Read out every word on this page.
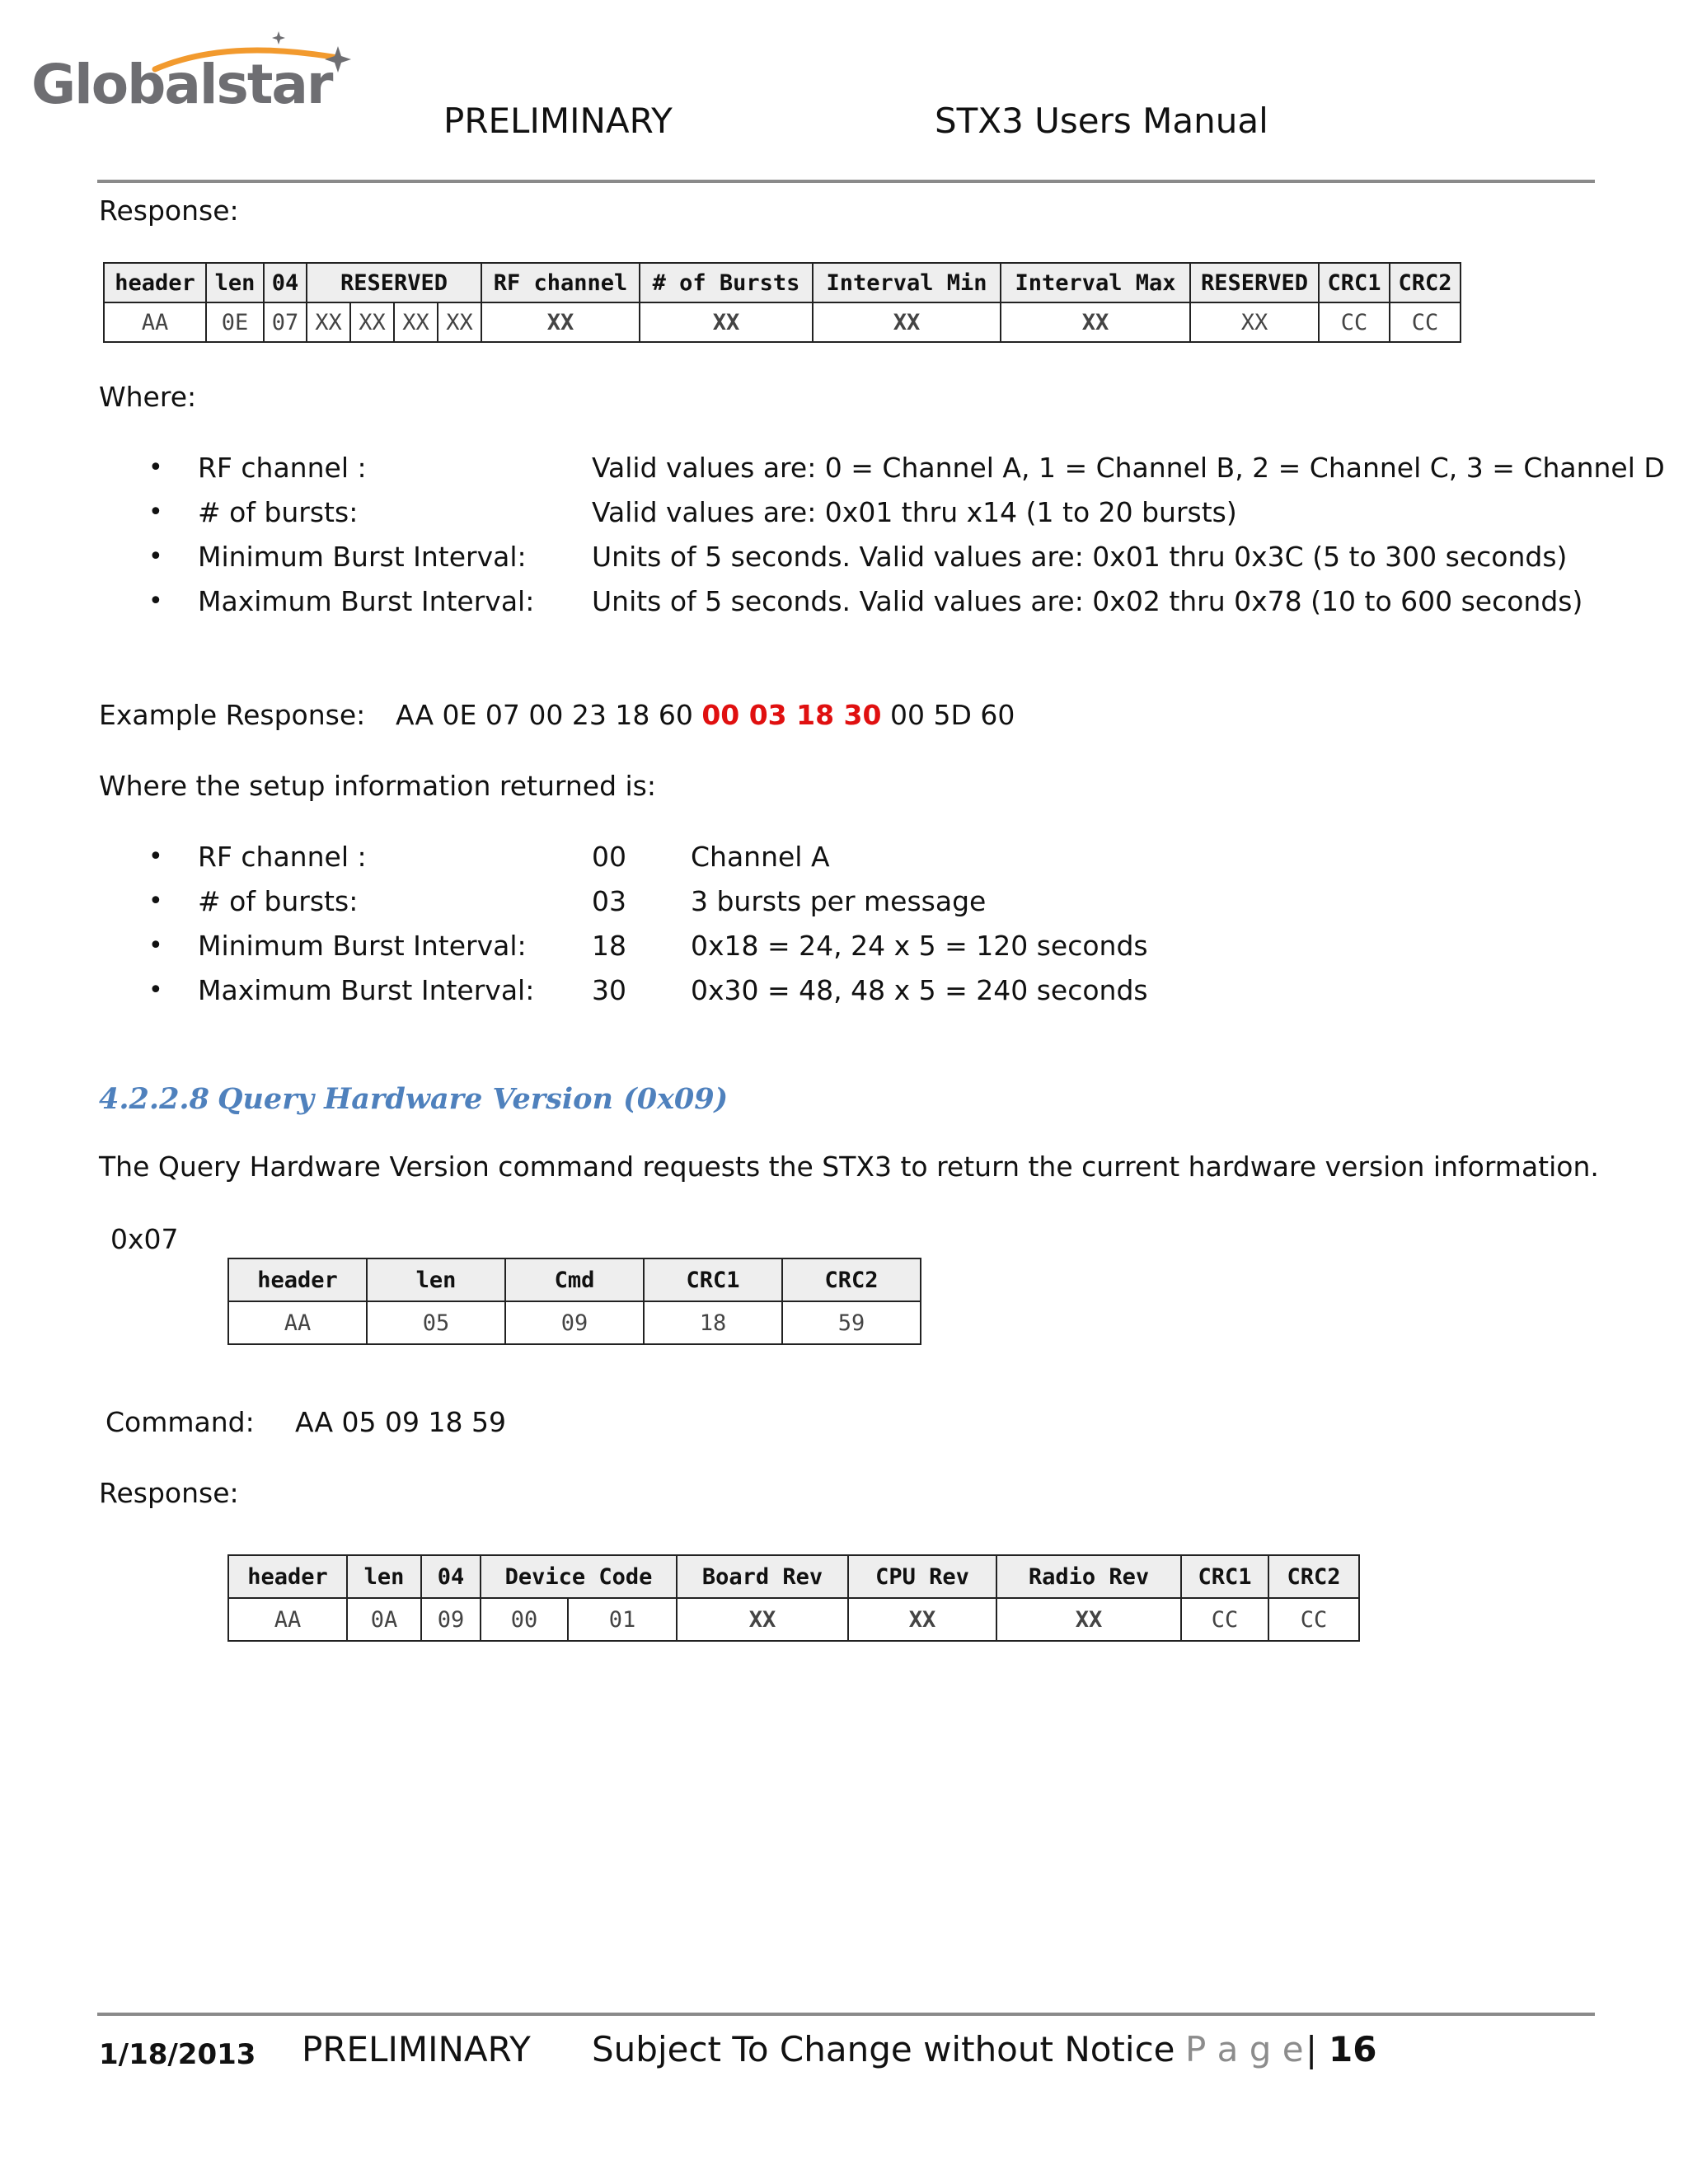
Globalstar
PRELIMINARY	STX3 Users Manual
Response:
header	len	04	RESERVED				RF channel	# of Bursts	Interval Min	Interval Max	RESERVED	CRC1	CRC2
AA	0E	07	XX	XX	XX	XX	XX	XX	XX	XX	XX	CC	CC
Where:
• RF channel :	Valid values are: 0 = Channel A, 1 = Channel B, 2 = Channel C, 3 = Channel D
• # of bursts:	Valid values are: 0x01 thru x14 (1 to 20 bursts)
• Minimum Burst Interval: Units of 5 seconds. Valid values are: 0x01 thru 0x3C (5 to 300 seconds)
• Maximum Burst Interval: Units of 5 seconds. Valid values are: 0x02 thru 0x78 (10 to 600 seconds)
Example Response: AA 0E 07 00 23 18 60 00 03 18 30 00 5D 60
Where the setup information returned is:
• RF channel :	00 Channel A
• # of bursts:	03 3 bursts per message
• Minimum Burst Interval: 18 0x18 = 24, 24 x 5 = 120 seconds
• Maximum Burst Interval: 30 0x30 = 48, 48 x 5 = 240 seconds
4.2.2.8 Query Hardware Version (0x09)
The Query Hardware Version command requests the STX3 to return the current hardware version information.
0x07
header	len	Cmd	CRC1	CRC2
AA	05	09	18	59
Command: AA 05 09 18 59
Response:
header	len	04	Device Code		Board Rev	CPU Rev	Radio Rev	CRC1	CRC2
AA	0A	09	00	01	XX	XX	XX	CC	CC
1/18/2013 PRELIMINARY Subject To Change without Notice P a g e | 16
